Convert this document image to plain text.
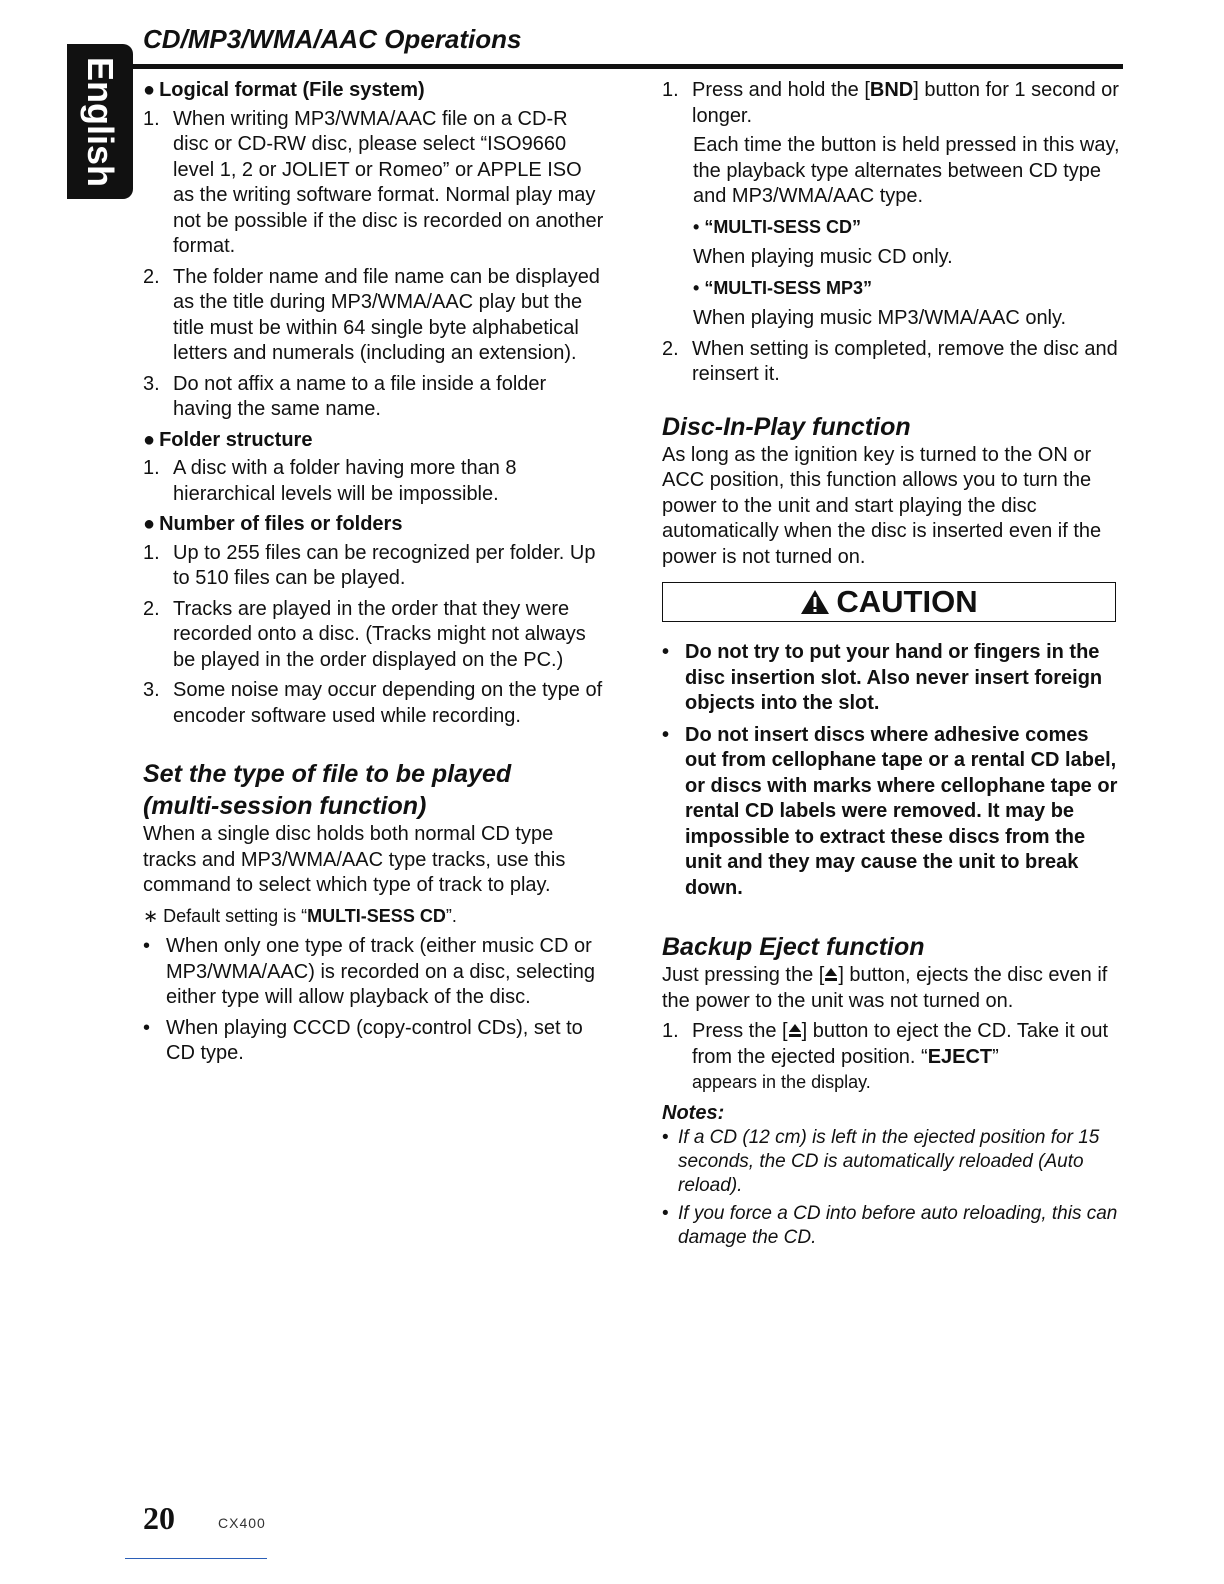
English
CD/MP3/WMA/AAC Operations
● Logical format (File system)
1. When writing MP3/WMA/AAC file on a CD-R disc or CD-RW disc, please select “ISO9660 level 1, 2 or JOLIET or Romeo” or APPLE ISO as the writing software format. Normal play may not be possible if the disc is recorded on another format.
2. The folder name and file name can be displayed as the title during MP3/WMA/AAC play but the title must be within 64 single byte alphabetical letters and numerals (including an extension).
3. Do not affix a name to a file inside a folder having the same name.
● Folder structure
1. A disc with a folder having more than 8 hierarchical levels will be impossible.
● Number of files or folders
1. Up to 255 files can be recognized per folder. Up to 510 files can be played.
2. Tracks are played in the order that they were recorded onto a disc. (Tracks might not always be played in the order displayed on the PC.)
3. Some noise may occur depending on the type of encoder software used while recording.
Set the type of file to be played
(multi-session function)

When a single disc holds both normal CD type tracks and MP3/WMA/AAC type tracks, use this command to select which type of track to play.

∗ Default setting is “MULTI-SESS CD”.

• When only one type of track (either music CD or MP3/WMA/AAC) is recorded on a disc, selecting either type will allow playback of the disc.
• When playing CCCD (copy-control CDs), set to CD type.
1. Press and hold the [BND] button for 1 second or longer.

Each time the button is held pressed in this way, the playback type alternates between CD type and MP3/WMA/AAC type.

• “MULTI-SESS CD”

When playing music CD only.

• “MULTI-SESS MP3”

When playing music MP3/WMA/AAC only.

2. When setting is completed, remove the disc and reinsert it.
Disc-In-Play function

As long as the ignition key is turned to the ON or ACC position, this function allows you to turn the power to the unit and start playing the disc automatically when the disc is inserted even if the power is not turned on.

CAUTION
• Do not try to put your hand or fingers in the disc insertion slot. Also never insert foreign objects into the slot.
• Do not insert discs where adhesive comes out from cellophane tape or a rental CD label, or discs with marks where cellophane tape or rental CD labels were removed. It may be impossible to extract these discs from the unit and they may cause the unit to break down.
Backup Eject function

Just pressing the [ ] button, ejects the disc even if the power to the unit was not turned on.

1. Press the [ ] button to eject the CD. Take it out from the ejected position. “EJECT”
appears in the display.
Notes:
• If a CD (12 cm) is left in the ejected position for 15 seconds, the CD is automatically reloaded (Auto reload).
• If you force a CD into before auto reloading, this can damage the CD.
20	CX400
